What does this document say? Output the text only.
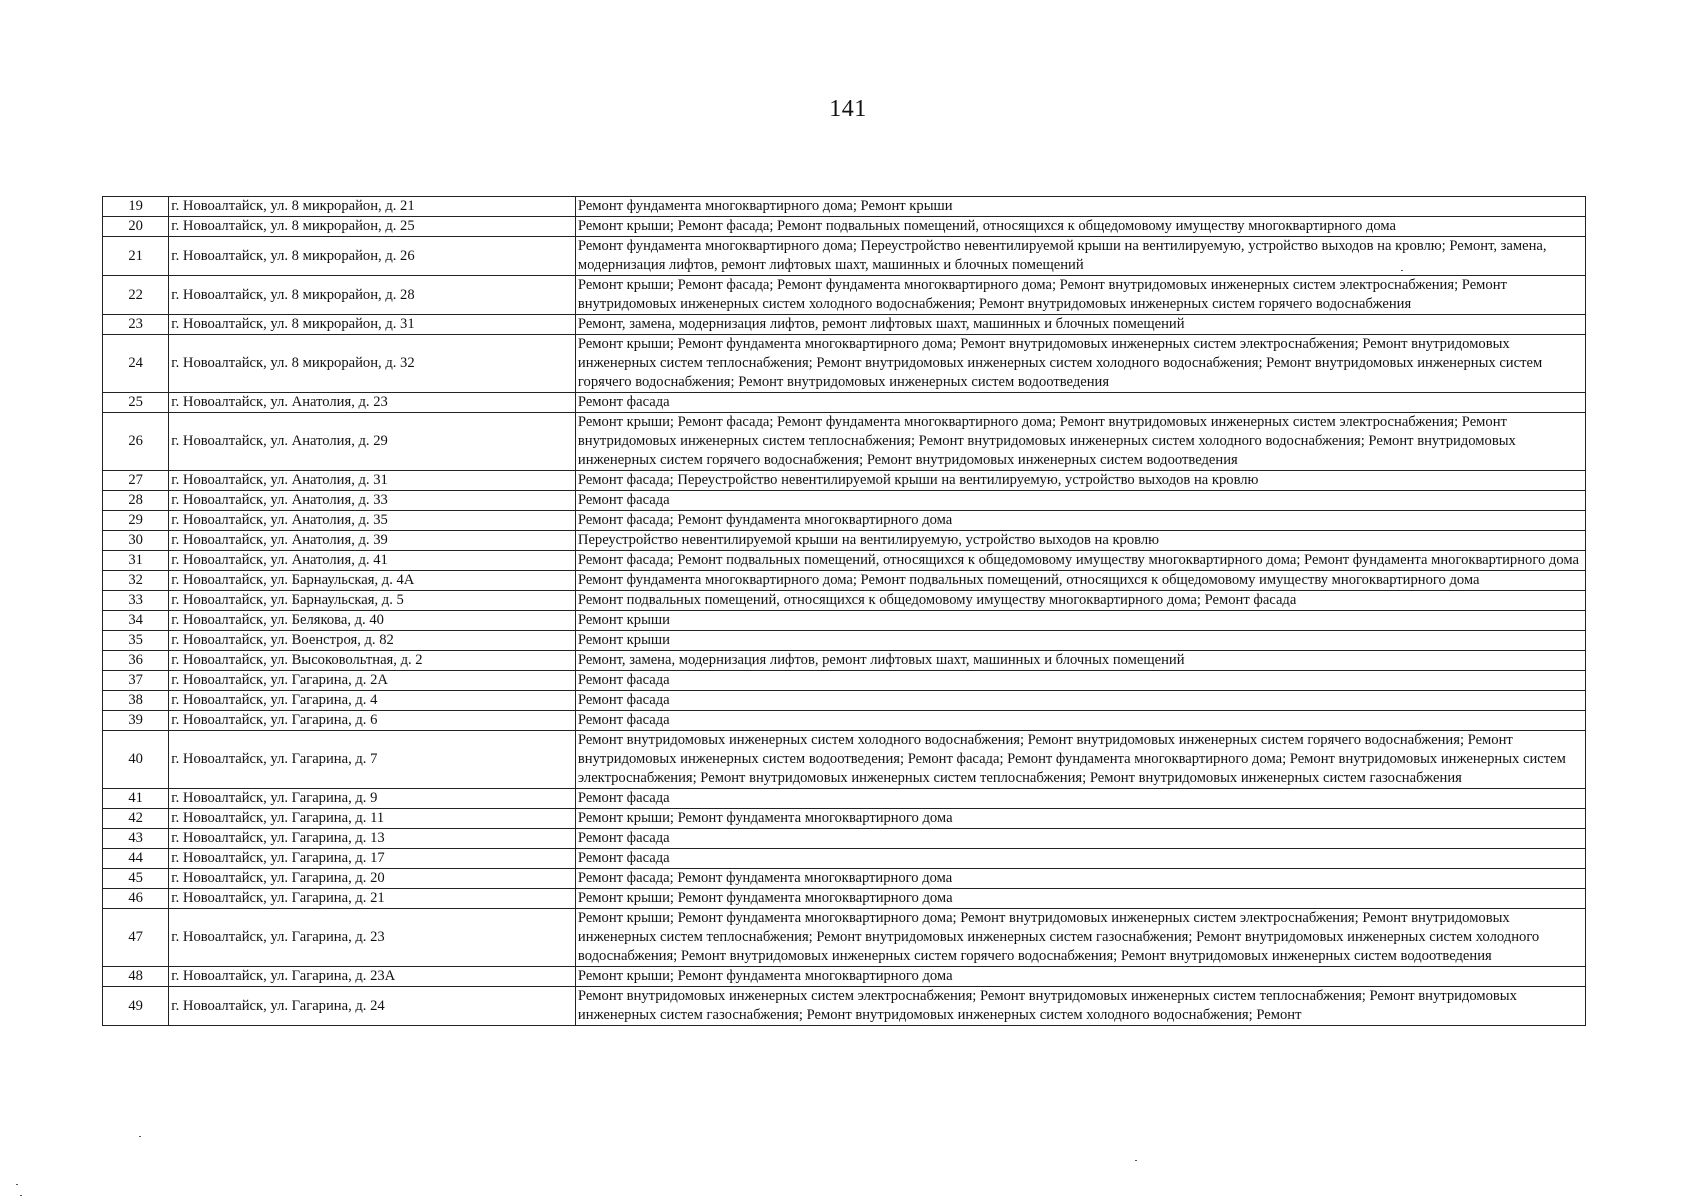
141
19	г. Новоалтайск, ул. 8 микрорайон, д. 21	Ремонт фундамента многоквартирного дома; Ремонт крыши
20	г. Новоалтайск, ул. 8 микрорайон, д. 25	Ремонт крыши; Ремонт фасада; Ремонт подвальных помещений, относящихся к общедомовому имуществу многоквартирного дома
21	г. Новоалтайск, ул. 8 микрорайон, д. 26	Ремонт фундамента многоквартирного дома; Переустройство невентилируемой крыши на вентилируемую, устройство выходов на кровлю; Ремонт, замена, модернизация лифтов, ремонт лифтовых шахт, машинных и блочных помещений
22	г. Новоалтайск, ул. 8 микрорайон, д. 28	Ремонт крыши; Ремонт фасада; Ремонт фундамента многоквартирного дома; Ремонт внутридомовых инженерных систем электроснабжения; Ремонт внутридомовых инженерных систем холодного водоснабжения; Ремонт внутридомовых инженерных систем горячего водоснабжения
23	г. Новоалтайск, ул. 8 микрорайон, д. 31	Ремонт, замена, модернизация лифтов, ремонт лифтовых шахт, машинных и блочных помещений
24	г. Новоалтайск, ул. 8 микрорайон, д. 32	Ремонт крыши; Ремонт фундамента многоквартирного дома; Ремонт внутридомовых инженерных систем электроснабжения; Ремонт внутридомовых инженерных систем теплоснабжения; Ремонт внутридомовых инженерных систем холодного водоснабжения; Ремонт внутридомовых инженерных систем горячего водоснабжения; Ремонт внутридомовых инженерных систем водоотведения
25	г. Новоалтайск, ул. Анатолия, д. 23	Ремонт фасада
26	г. Новоалтайск, ул. Анатолия, д. 29	Ремонт крыши; Ремонт фасада; Ремонт фундамента многоквартирного дома; Ремонт внутридомовых инженерных систем электроснабжения; Ремонт внутридомовых инженерных систем теплоснабжения; Ремонт внутридомовых инженерных систем холодного водоснабжения; Ремонт внутридомовых инженерных систем горячего водоснабжения; Ремонт внутридомовых инженерных систем водоотведения
27	г. Новоалтайск, ул. Анатолия, д. 31	Ремонт фасада; Переустройство невентилируемой крыши на вентилируемую, устройство выходов на кровлю
28	г. Новоалтайск, ул. Анатолия, д. 33	Ремонт фасада
29	г. Новоалтайск, ул. Анатолия, д. 35	Ремонт фасада; Ремонт фундамента многоквартирного дома
30	г. Новоалтайск, ул. Анатолия, д. 39	Переустройство невентилируемой крыши на вентилируемую, устройство выходов на кровлю
31	г. Новоалтайск, ул. Анатолия, д. 41	Ремонт фасада; Ремонт подвальных помещений, относящихся к общедомовому имуществу многоквартирного дома; Ремонт фундамента многоквартирного дома
32	г. Новоалтайск, ул. Барнаульская, д. 4А	Ремонт фундамента многоквартирного дома; Ремонт подвальных помещений, относящихся к общедомовому имуществу многоквартирного дома
33	г. Новоалтайск, ул. Барнаульская, д. 5	Ремонт подвальных помещений, относящихся к общедомовому имуществу многоквартирного дома; Ремонт фасада
34	г. Новоалтайск, ул. Белякова, д. 40	Ремонт крыши
35	г. Новоалтайск, ул. Военстроя, д. 82	Ремонт крыши
36	г. Новоалтайск, ул. Высоковольтная, д. 2	Ремонт, замена, модернизация лифтов, ремонт лифтовых шахт, машинных и блочных помещений
37	г. Новоалтайск, ул. Гагарина, д. 2А	Ремонт фасада
38	г. Новоалтайск, ул. Гагарина, д. 4	Ремонт фасада
39	г. Новоалтайск, ул. Гагарина, д. 6	Ремонт фасада
40	г. Новоалтайск, ул. Гагарина, д. 7	Ремонт внутридомовых инженерных систем холодного водоснабжения; Ремонт внутридомовых инженерных систем горячего водоснабжения; Ремонт внутридомовых инженерных систем водоотведения; Ремонт фасада; Ремонт фундамента многоквартирного дома; Ремонт внутридомовых инженерных систем электроснабжения; Ремонт внутридомовых инженерных систем теплоснабжения; Ремонт внутридомовых инженерных систем газоснабжения
41	г. Новоалтайск, ул. Гагарина, д. 9	Ремонт фасада
42	г. Новоалтайск, ул. Гагарина, д. 11	Ремонт крыши; Ремонт фундамента многоквартирного дома
43	г. Новоалтайск, ул. Гагарина, д. 13	Ремонт фасада
44	г. Новоалтайск, ул. Гагарина, д. 17	Ремонт фасада
45	г. Новоалтайск, ул. Гагарина, д. 20	Ремонт фасада; Ремонт фундамента многоквартирного дома
46	г. Новоалтайск, ул. Гагарина, д. 21	Ремонт крыши; Ремонт фундамента многоквартирного дома
47	г. Новоалтайск, ул. Гагарина, д. 23	Ремонт крыши; Ремонт фундамента многоквартирного дома; Ремонт внутридомовых инженерных систем электроснабжения; Ремонт внутридомовых инженерных систем теплоснабжения; Ремонт внутридомовых инженерных систем газоснабжения; Ремонт внутридомовых инженерных систем холодного водоснабжения; Ремонт внутридомовых инженерных систем горячего водоснабжения; Ремонт внутридомовых инженерных систем водоотведения
48	г. Новоалтайск, ул. Гагарина, д. 23А	Ремонт крыши; Ремонт фундамента многоквартирного дома
49	г. Новоалтайск, ул. Гагарина, д. 24	Ремонт внутридомовых инженерных систем электроснабжения; Ремонт внутридомовых инженерных систем теплоснабжения; Ремонт внутридомовых инженерных систем газоснабжения; Ремонт внутридомовых инженерных систем холодного водоснабжения; Ремонт
